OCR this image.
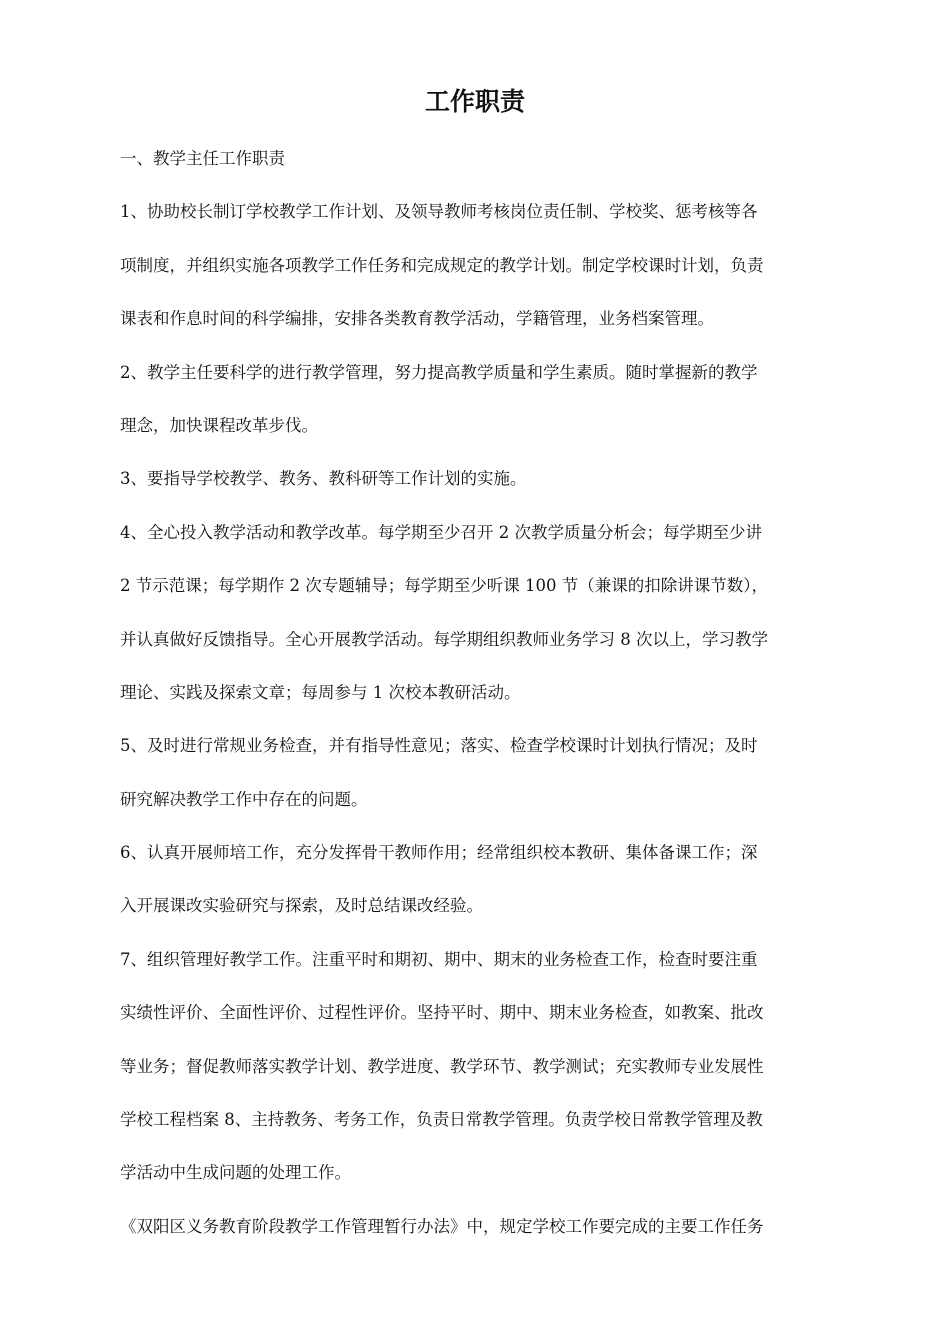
工作职责

一、教学主任工作职责

1、协助校长制订学校教学工作计划、及领导教师考核岗位责任制、学校奖、惩考核等各
项制度，并组织实施各项教学工作任务和完成规定的教学计划。制定学校课时计划，负责
课表和作息时间的科学编排，安排各类教育教学活动，学籍管理，业务档案管理。

2、教学主任要科学的进行教学管理，努力提高教学质量和学生素质。随时掌握新的教学
理念，加快课程改革步伐。

3、要指导学校教学、教务、教科研等工作计划的实施。

4、全心投入教学活动和教学改革。每学期至少召开 2 次教学质量分析会；每学期至少讲
2 节示范课；每学期作 2 次专题辅导；每学期至少听课 100 节（兼课的扣除讲课节数），
并认真做好反馈指导。全心开展教学活动。每学期组织教师业务学习 8 次以上，学习教学
理论、实践及探索文章；每周参与 1 次校本教研活动。

5、及时进行常规业务检查，并有指导性意见；落实、检查学校课时计划执行情况；及时
研究解决教学工作中存在的问题。

6、认真开展师培工作，充分发挥骨干教师作用；经常组织校本教研、集体备课工作；深
入开展课改实验研究与探索，及时总结课改经验。

7、组织管理好教学工作。注重平时和期初、期中、期末的业务检查工作，检查时要注重
实绩性评价、全面性评价、过程性评价。坚持平时、期中、期末业务检查，如教案、批改
等业务；督促教师落实教学计划、教学进度、教学环节、教学测试；充实教师专业发展性
学校工程档案 8、主持教务、考务工作，负责日常教学管理。负责学校日常教学管理及教
学活动中生成问题的处理工作。

《双阳区义务教育阶段教学工作管理暂行办法》中，规定学校工作要完成的主要工作任务
